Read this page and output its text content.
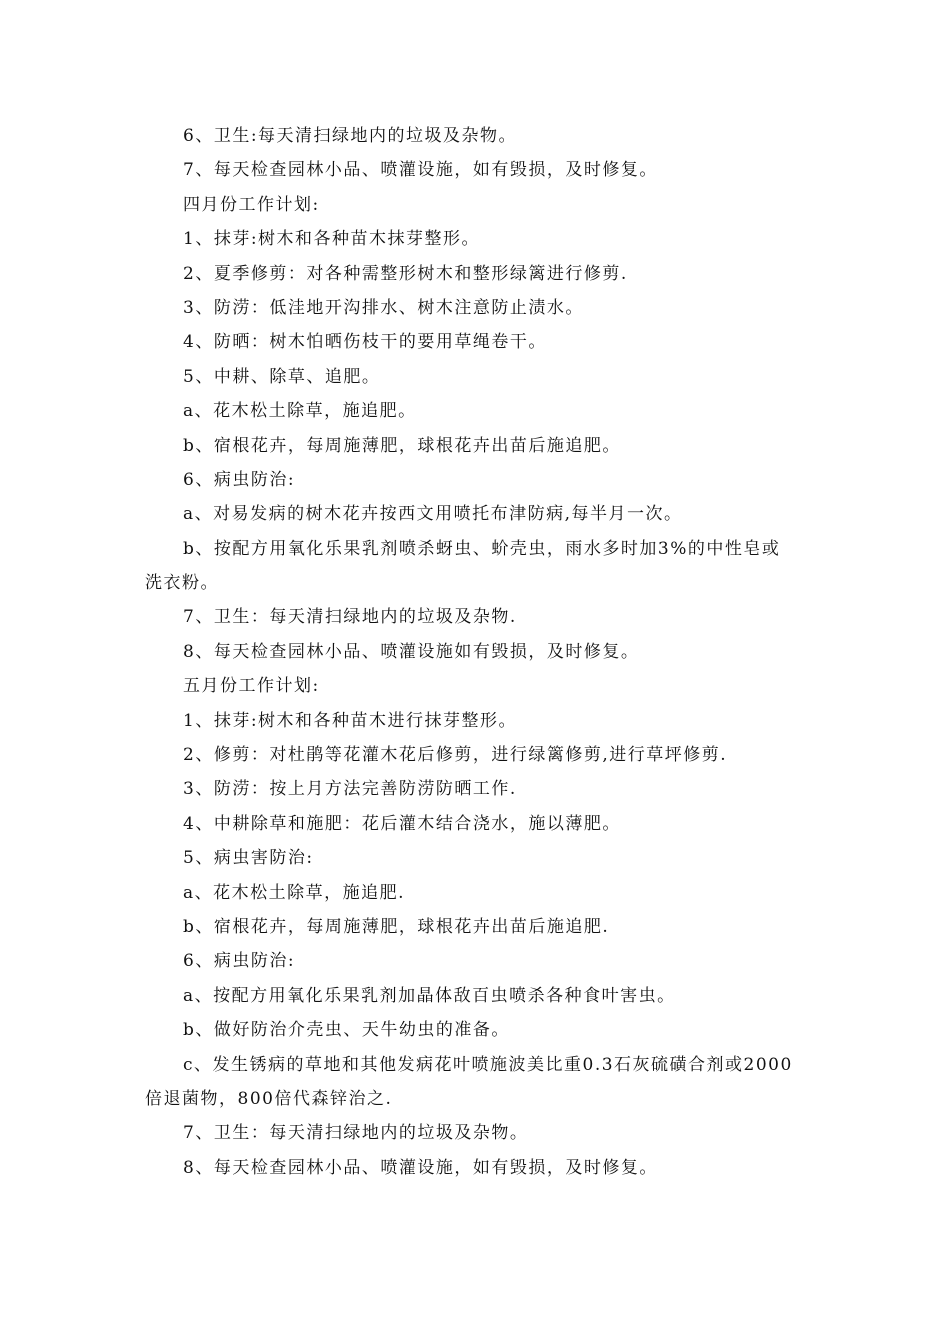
6、卫生:每天清扫绿地内的垃圾及杂物。
7、每天检查园林小品、喷灌设施，如有毁损，及时修复。
四月份工作计划:
1、抹芽:树木和各种苗木抹芽整形。
2、夏季修剪：对各种需整形树木和整形绿篱进行修剪.
3、防涝：低洼地开沟排水、树木注意防止渍水。
4、防晒：树木怕晒伤枝干的要用草绳卷干。
5、中耕、除草、追肥。
a、花木松土除草，施追肥。
b、宿根花卉，每周施薄肥，球根花卉出苗后施追肥。
6、病虫防治:
a、对易发病的树木花卉按西文用喷托布津防病,每半月一次。
b、按配方用氧化乐果乳剂喷杀蚜虫、蚧壳虫，雨水多时加3%的中性皂或
洗衣粉。
7、卫生：每天清扫绿地内的垃圾及杂物.
8、每天检查园林小品、喷灌设施如有毁损，及时修复。
五月份工作计划:
1、抹芽:树木和各种苗木进行抹芽整形。
2、修剪：对杜鹃等花灌木花后修剪，进行绿篱修剪,进行草坪修剪.
3、防涝：按上月方法完善防涝防晒工作.
4、中耕除草和施肥：花后灌木结合浇水，施以薄肥。
5、病虫害防治:
a、花木松土除草，施追肥.
b、宿根花卉，每周施薄肥，球根花卉出苗后施追肥.
6、病虫防治:
a、按配方用氧化乐果乳剂加晶体敌百虫喷杀各种食叶害虫。
b、做好防治介壳虫、天牛幼虫的准备。
c、发生锈病的草地和其他发病花叶喷施波美比重0.3石灰硫磺合剂或2000
倍退菌物，800倍代森锌治之.
7、卫生：每天清扫绿地内的垃圾及杂物。
8、每天检查园林小品、喷灌设施，如有毁损，及时修复。
